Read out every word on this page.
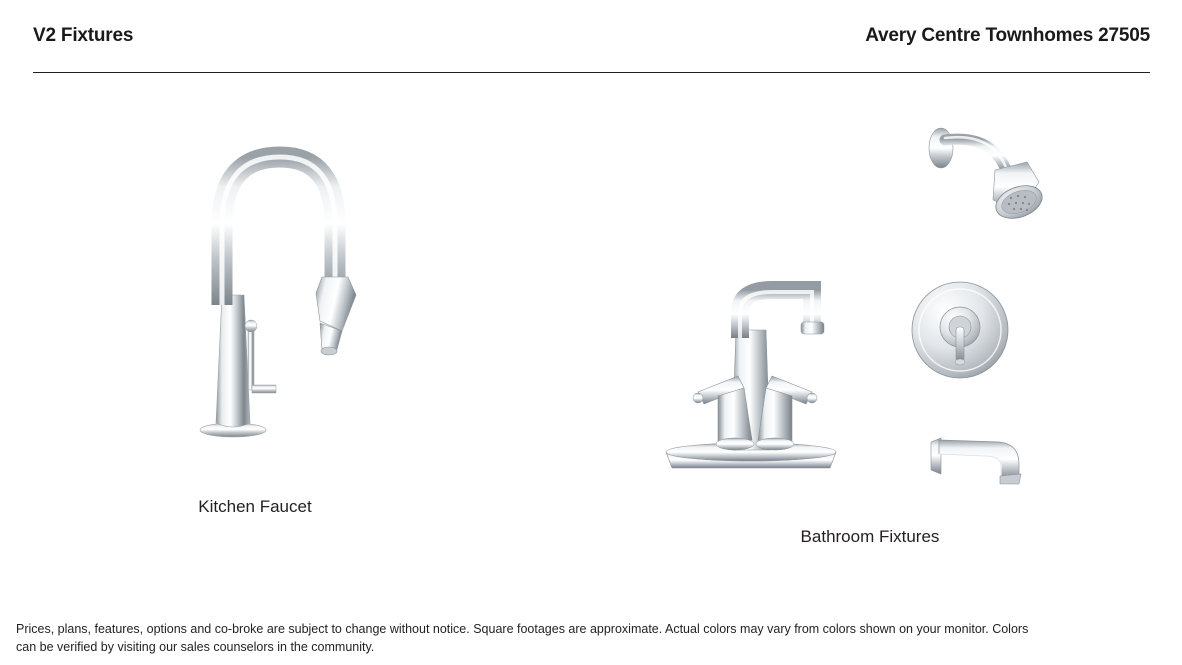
V2 Fixtures	Avery Centre Townhomes 27505
Kitchen Faucet
Bathroom Fixtures
Prices, plans, features, options and co-broke are subject to change without notice. Square footages are approximate. Actual colors may vary from colors shown on your monitor. Colors
can be verified by visiting our sales counselors in the community.
